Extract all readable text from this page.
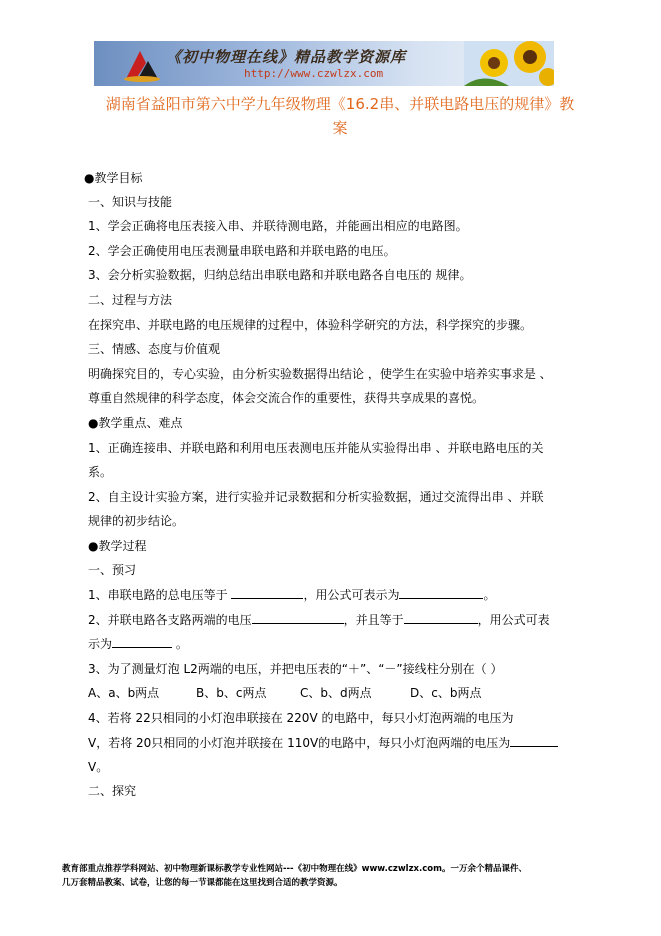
《初中物理在线》精品教学资源库
http://www.czwlzx.com
湖南省益阳市第六中学九年级物理《16.2串、并联电路电压的规律》教
案
●教学目标
一、知识与技能
1、学会正确将电压表接入串、并联待测电路，并能画出相应的电路图。
2、学会正确使用电压表测量串联电路和并联电路的电压。
3、会分析实验数据，归纳总结出串联电路和并联电路各自电压的 规律。
二、过程与方法
在探究串、并联电路的电压规律的过程中，体验科学研究的方法，科学探究的步骤。
三、情感、态度与价值观
明确探究目的，专心实验，由分析实验数据得出结论 ，使学生在实验中培养实事求是 、
尊重自然规律的科学态度，体会交流合作的重要性，获得共享成果的喜悦。
●教学重点、难点
1、正确连接串、并联电路和利用电压表测电压并能从实验得出串 、并联电路电压的关
系。
2、自主设计实验方案，进行实验并记录数据和分析实验数据，通过交流得出串 、并联
规律的初步结论。
●教学过程
一、预习
1、串联电路的总电压等于	，用公式可表示为	。
2、并联电路各支路两端的电压	，并且等于	，用公式可表
示为	。
3、为了测量灯泡 L2两端的电压，并把电压表的“＋”、“－”接线柱分别在（ ）
A、a、b两点	B、b、c两点	C、b、d两点	D、c、b两点
4、若将 22只相同的小灯泡串联接在 220V 的电路中，每只小灯泡两端的电压为
V，若将 20只相同的小灯泡并联接在 110V的电路中，每只小灯泡两端的电压为
V。
二、探究
教育部重点推荐学科网站、初中物理新课标教学专业性网站---《初中物理在线》www.czwlzx.com。一万余个精品课件、
几万套精品教案、试卷，让您的每一节课都能在这里找到合适的教学资源。
